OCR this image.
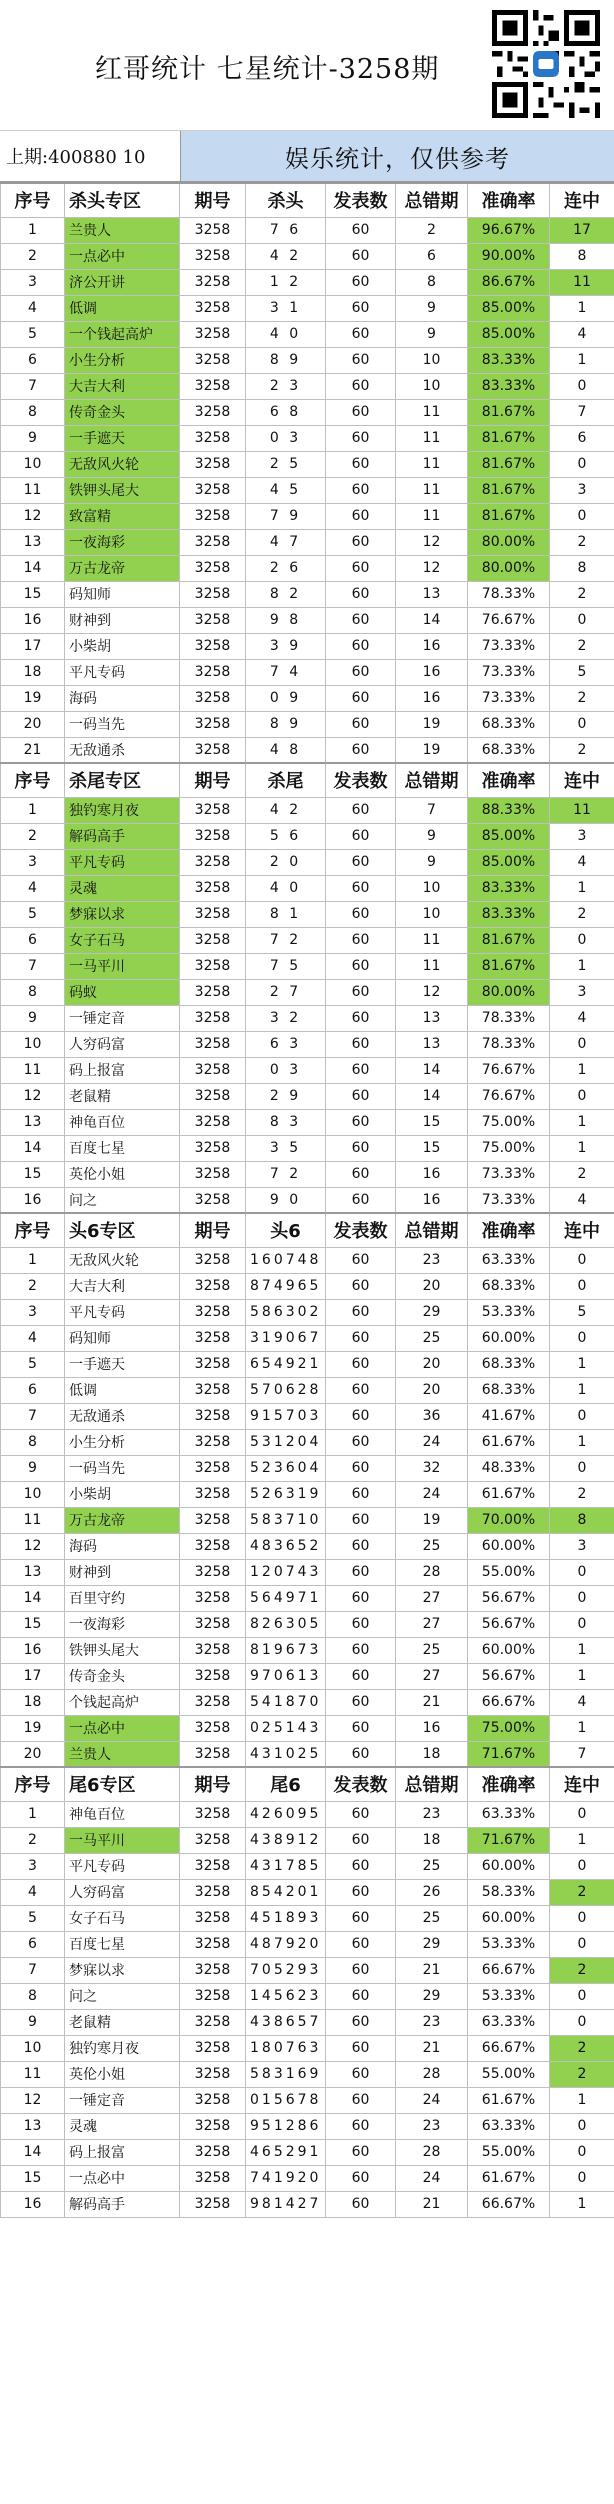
红哥统计 七星统计-3258期
上期:400880 10	娱乐统计，仅供参考
序号	杀头专区	期号	杀头	发表数	总错期	准确率	连中
1	兰贵人	3258	7 6	60	2	96.67%	17
2	一点必中	3258	4 2	60	6	90.00%	8
3	济公开讲	3258	1 2	60	8	86.67%	11
4	低调	3258	3 1	60	9	85.00%	1
5	一个钱起高炉	3258	4 0	60	9	85.00%	4
6	小生分析	3258	8 9	60	10	83.33%	1
7	大吉大利	3258	2 3	60	10	83.33%	0
8	传奇金头	3258	6 8	60	11	81.67%	7
9	一手遮天	3258	0 3	60	11	81.67%	6
10	无敌风火轮	3258	2 5	60	11	81.67%	0
11	铁钾头尾大	3258	4 5	60	11	81.67%	3
12	致富精	3258	7 9	60	11	81.67%	0
13	一夜海彩	3258	4 7	60	12	80.00%	2
14	万古龙帝	3258	2 6	60	12	80.00%	8
15	码知师	3258	8 2	60	13	78.33%	2
16	财神到	3258	9 8	60	14	76.67%	0
17	小柴胡	3258	3 9	60	16	73.33%	2
18	平凡专码	3258	7 4	60	16	73.33%	5
19	海码	3258	0 9	60	16	73.33%	2
20	一码当先	3258	8 9	60	19	68.33%	0
21	无敌通杀	3258	4 8	60	19	68.33%	2
序号	杀尾专区	期号	杀尾	发表数	总错期	准确率	连中
1	独钓寒月夜	3258	4 2	60	7	88.33%	11
2	解码高手	3258	5 6	60	9	85.00%	3
3	平凡专码	3258	2 0	60	9	85.00%	4
4	灵魂	3258	4 0	60	10	83.33%	1
5	梦寐以求	3258	8 1	60	10	83.33%	2
6	女子石马	3258	7 2	60	11	81.67%	0
7	一马平川	3258	7 5	60	11	81.67%	1
8	码蚁	3258	2 7	60	12	80.00%	3
9	一锤定音	3258	3 2	60	13	78.33%	4
10	人穷码富	3258	6 3	60	13	78.33%	0
11	码上报富	3258	0 3	60	14	76.67%	1
12	老鼠精	3258	2 9	60	14	76.67%	0
13	神龟百位	3258	8 3	60	15	75.00%	1
14	百度七星	3258	3 5	60	15	75.00%	1
15	英伦小姐	3258	7 2	60	16	73.33%	2
16	问之	3258	9 0	60	16	73.33%	4
序号	头6专区	期号	头6	发表数	总错期	准确率	连中
1	无敌风火轮	3258	160748	60	23	63.33%	0
2	大吉大利	3258	874965	60	20	68.33%	0
3	平凡专码	3258	586302	60	29	53.33%	5
4	码知师	3258	319067	60	25	60.00%	0
5	一手遮天	3258	654921	60	20	68.33%	1
6	低调	3258	570628	60	20	68.33%	1
7	无敌通杀	3258	915703	60	36	41.67%	0
8	小生分析	3258	531204	60	24	61.67%	1
9	一码当先	3258	523604	60	32	48.33%	0
10	小柴胡	3258	526319	60	24	61.67%	2
11	万古龙帝	3258	583710	60	19	70.00%	8
12	海码	3258	483652	60	25	60.00%	3
13	财神到	3258	120743	60	28	55.00%	0
14	百里守约	3258	564971	60	27	56.67%	0
15	一夜海彩	3258	826305	60	27	56.67%	0
16	铁钾头尾大	3258	819673	60	25	60.00%	1
17	传奇金头	3258	970613	60	27	56.67%	1
18	个钱起高炉	3258	541870	60	21	66.67%	4
19	一点必中	3258	025143	60	16	75.00%	1
20	兰贵人	3258	431025	60	18	71.67%	7
序号	尾6专区	期号	尾6	发表数	总错期	准确率	连中
1	神龟百位	3258	426095	60	23	63.33%	0
2	一马平川	3258	438912	60	18	71.67%	1
3	平凡专码	3258	431785	60	25	60.00%	0
4	人穷码富	3258	854201	60	26	58.33%	2
5	女子石马	3258	451893	60	25	60.00%	0
6	百度七星	3258	487920	60	29	53.33%	0
7	梦寐以求	3258	705293	60	21	66.67%	2
8	问之	3258	145623	60	29	53.33%	0
9	老鼠精	3258	438657	60	23	63.33%	0
10	独钓寒月夜	3258	180763	60	21	66.67%	2
11	英伦小姐	3258	583169	60	28	55.00%	2
12	一锤定音	3258	015678	60	24	61.67%	1
13	灵魂	3258	951286	60	23	63.33%	0
14	码上报富	3258	465291	60	28	55.00%	0
15	一点必中	3258	741920	60	24	61.67%	0
16	解码高手	3258	981427	60	21	66.67%	1
